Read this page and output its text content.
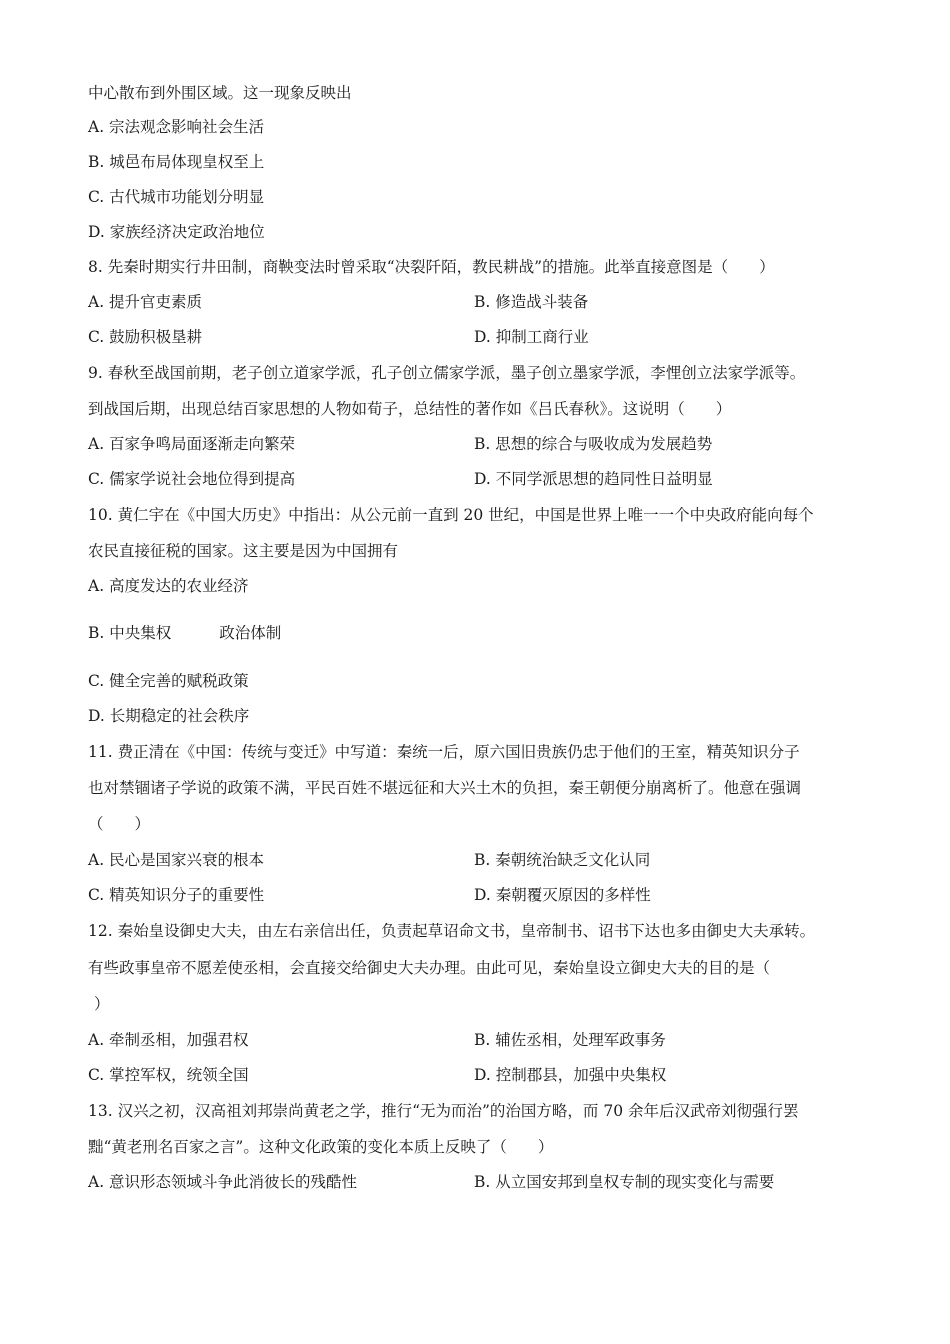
中心散布到外围区域。这一现象反映出
A. 宗法观念影响社会生活
B. 城邑布局体现皇权至上
C. 古代城市功能划分明显
D. 家族经济决定政治地位
8. 先秦时期实行井田制，商鞅变法时曾采取“决裂阡陌，教民耕战”的措施。此举直接意图是（　　）
A. 提升官吏素质	B. 修造战斗装备
C. 鼓励积极垦耕	D. 抑制工商行业
9. 春秋至战国前期，老子创立道家学派，孔子创立儒家学派，墨子创立墨家学派，李悝创立法家学派等。
到战国后期，出现总结百家思想的人物如荀子，总结性的著作如《吕氏春秋》。这说明（　　）
A. 百家争鸣局面逐渐走向繁荣	B. 思想的综合与吸收成为发展趋势
C. 儒家学说社会地位得到提高	D. 不同学派思想的趋同性日益明显
10. 黄仁宇在《中国大历史》中指出：从公元前一直到 20 世纪，中国是世界上唯一一个中央政府能向每个
农民直接征税的国家。这主要是因为中国拥有
A. 高度发达的农业经济
B. 中央集权	政治体制
C. 健全完善的赋税政策
D. 长期稳定的社会秩序
11. 费正清在《中国：传统与变迁》中写道：秦统一后，原六国旧贵族仍忠于他们的王室，精英知识分子
也对禁锢诸子学说的政策不满，平民百姓不堪远征和大兴土木的负担，秦王朝便分崩离析了。他意在强调
（　　）
A. 民心是国家兴衰的根本	B. 秦朝统治缺乏文化认同
C. 精英知识分子的重要性	D. 秦朝覆灭原因的多样性
12. 秦始皇设御史大夫，由左右亲信出任，负责起草诏命文书，皇帝制书、诏书下达也多由御史大夫承转。
有些政事皇帝不愿差使丞相，会直接交给御史大夫办理。由此可见，秦始皇设立御史大夫的目的是（
）
A. 牵制丞相，加强君权	B. 辅佐丞相，处理军政事务
C. 掌控军权，统领全国	D. 控制郡县，加强中央集权
13. 汉兴之初，汉高祖刘邦崇尚黄老之学，推行“无为而治”的治国方略，而 70 余年后汉武帝刘彻强行罢
黜“黄老刑名百家之言”。这种文化政策的变化本质上反映了（　　）
A. 意识形态领域斗争此消彼长的残酷性	B. 从立国安邦到皇权专制的现实变化与需要
